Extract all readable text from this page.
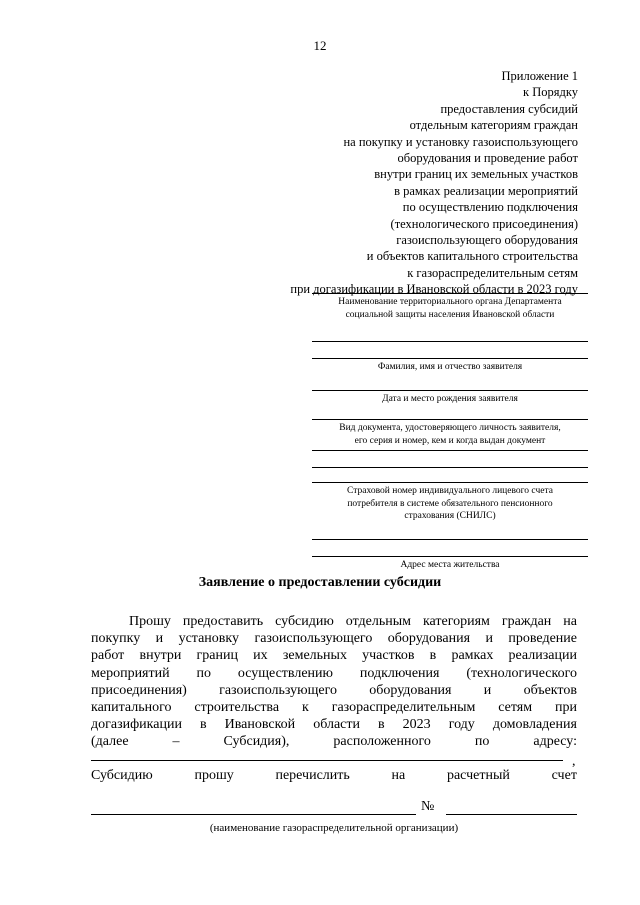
12
Приложение 1
к Порядку
предоставления субсидий
отдельным категориям граждан
на покупку и установку газоиспользующего
оборудования и проведение работ
внутри границ их земельных участков
в рамках реализации мероприятий
по осуществлению подключения
(технологического присоединения)
газоиспользующего оборудования
и объектов капитального строительства
к газораспределительным сетям
при догазификации в Ивановской области в 2023 году
Наименование территориального органа Департамента
социальной защиты населения Ивановской области
Фамилия, имя и отчество заявителя
Дата и место рождения заявителя
Вид документа, удостоверяющего личность заявителя,
его серия и номер, кем и когда выдан документ
Страховой номер индивидуального лицевого счета
потребителя в системе обязательного пенсионного
страхования (СНИЛС)
Адрес места жительства
Заявление о предоставлении субсидии
Прошу предоставить субсидию отдельным категориям граждан на
покупку и установку газоиспользующего оборудования и проведение
работ внутри границ их земельных участков в рамках реализации
мероприятий по осуществлению подключения (технологического
присоединения) газоиспользующего оборудования и объектов
капитального строительства к газораспределительным сетям при
догазификации в Ивановской области в 2023 году домовладения
(далее	–	Субсидия),	расположенного	по	адресу:
Субсидию	прошу	перечислить	на	расчетный	счет
,
№
(наименование газораспределительной организации)
